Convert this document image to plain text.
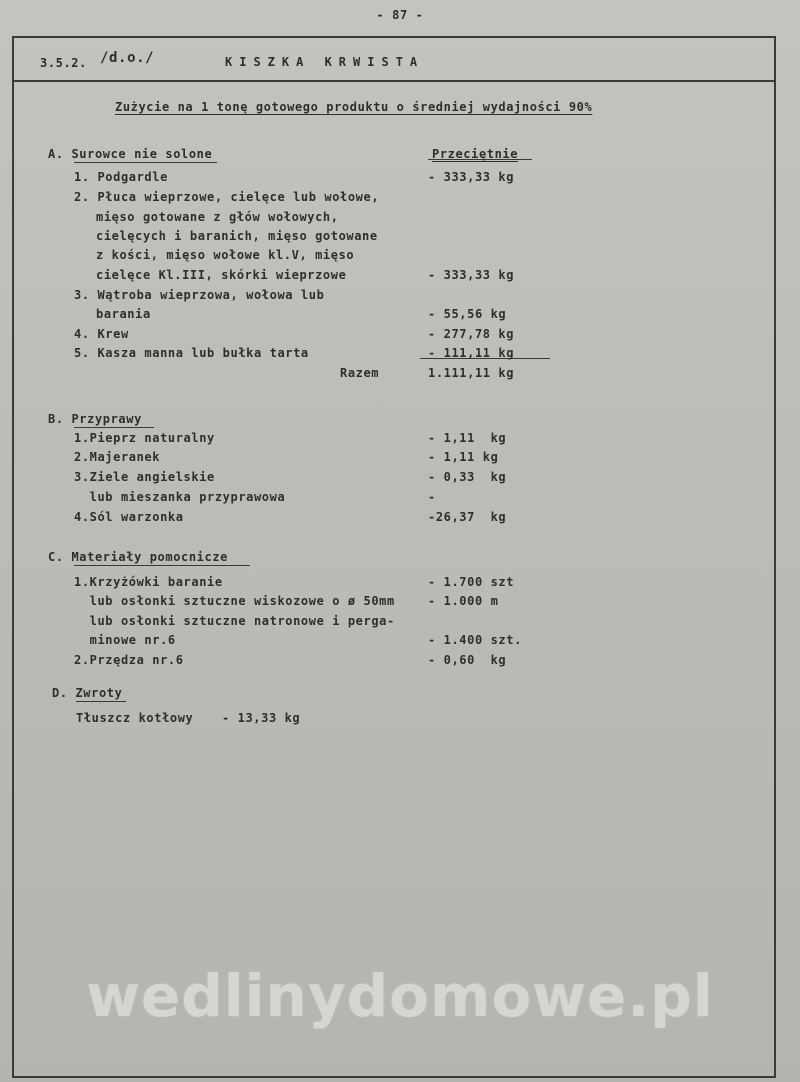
- 87 -
3.5.2. /d.o./	KISZKA KRWISTA
Zużycie na 1 tonę gotowego produktu o średniej wydajności 90%
A. Surowce nie solone	Przeciętnie
1. Podgardle	- 333,33 kg
2. Płuca wieprzowe, cielęce lub wołowe,
mięso gotowane z głów wołowych,
cielęcych i baranich, mięso gotowane
z kości, mięso wołowe kl.V, mięso
cielęce Kl.III, skórki wieprzowe	- 333,33 kg
3. Wątroba wieprzowa, wołowa lub
barania	- 55,56 kg
4. Krew	- 277,78 kg
5. Kasza manna lub bułka tarta	- 111,11 kg
Razem	1.111,11 kg
B. Przyprawy
1.Pieprz naturalny	- 1,11  kg
2.Majeranek	- 1,11 kg
3.Ziele angielskie	- 0,33  kg
lub mieszanka przyprawowa	-
4.Sól warzonka	-26,37  kg
C. Materiały pomocnicze
1.Krzyżówki baranie	- 1.700 szt
lub osłonki sztuczne wiskozowe o ø 50mm	- 1.000 m
lub osłonki sztuczne natronowe i perga-
minowe nr.6	- 1.400 szt.
2.Przędza nr.6	- 0,60  kg
D. Zwroty
Tłuszcz kotłowy - 13,33 kg
wedlinydomowe.pl
